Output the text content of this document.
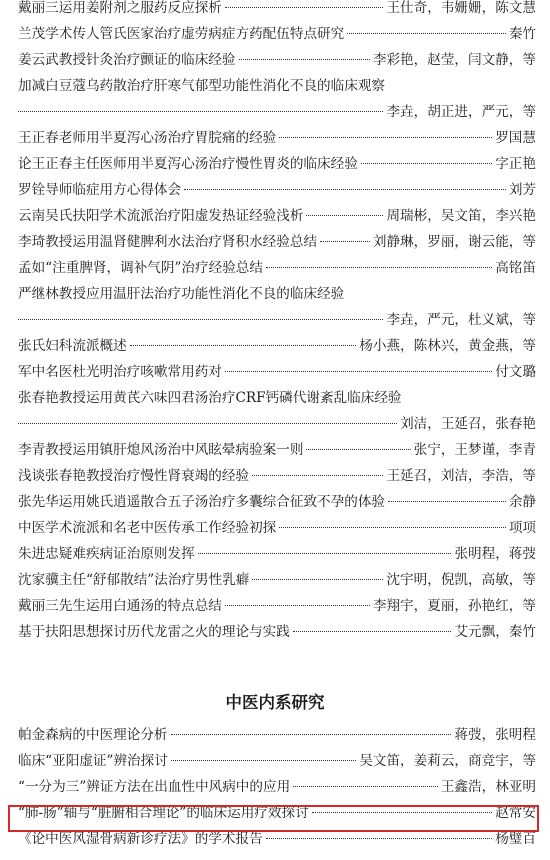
戴丽三运用姜附剂之服药反应探析	王仕奇，韦姗姗，陈文慧
兰茂学术传人管氏医家治疗虚劳病症方药配伍特点研究	秦竹
姜云武教授针灸治疗颤证的临床经验	李彩艳，赵莹，闫文静，等
加减白豆蔻乌药散治疗肝寒气郁型功能性消化不良的临床观察
李垚，胡正进，严元，等
王正春老师用半夏泻心汤治疗胃脘痛的经验	罗国慧
论王正春主任医师用半夏泻心汤治疗慢性胃炎的临床经验	字正艳
罗铨导师临症用方心得体会	刘芳
云南吴氏扶阳学术流派治疗阳虚发热证经验浅析	周瑞彬，吴文笛，李兴艳
李琦教授运用温肾健脾利水法治疗肾积水经验总结	刘静琳，罗丽，谢云能，等
孟如“注重脾肾，调补气阴”治疗经验总结	高铭笛
严继林教授应用温肝法治疗功能性消化不良的临床经验
李垚，严元，杜义斌，等
张氏妇科流派概述	杨小燕，陈林兴，黄金燕，等
军中名医杜光明治疗咳嗽常用药对	付文璐
张春艳教授运用黄芪六味四君汤治疗CRF钙磷代谢紊乱临床经验
刘洁，王延召，张春艳
李青教授运用镇肝熄风汤治中风眩晕病验案一则	张宁，王梦谨，李青
浅谈张春艳教授治疗慢性肾衰竭的经验	王延召，刘洁，李浩，等
张先华运用姚氏逍遥散合五子汤治疗多囊综合征致不孕的体验	余静
中医学术流派和名老中医传承工作经验初探	项项
朱进忠疑难疾病证治原则发挥	张明程，蒋弢
沈家骥主任“舒郁散结”法治疗男性乳癖	沈宇明，倪凯，高敏，等
戴丽三先生运用白通汤的特点总结	李翔宇，夏丽，孙艳红，等
基于扶阳思想探讨历代龙雷之火的理论与实践	艾元飘，秦竹
中医内系研究
帕金森病的中医理论分析	蒋弢，张明程
临床“亚阳虚证”辨治探讨	吴文笛，姜莉云，商竞宇，等
“一分为三”辨证方法在出血性中风病中的应用	王鑫浩，林亚明
“肺-肠”轴与“脏腑相合理论”的临床运用疗效探讨	赵常安
《论中医风湿骨病新诊疗法》的学术报告	杨璧百
